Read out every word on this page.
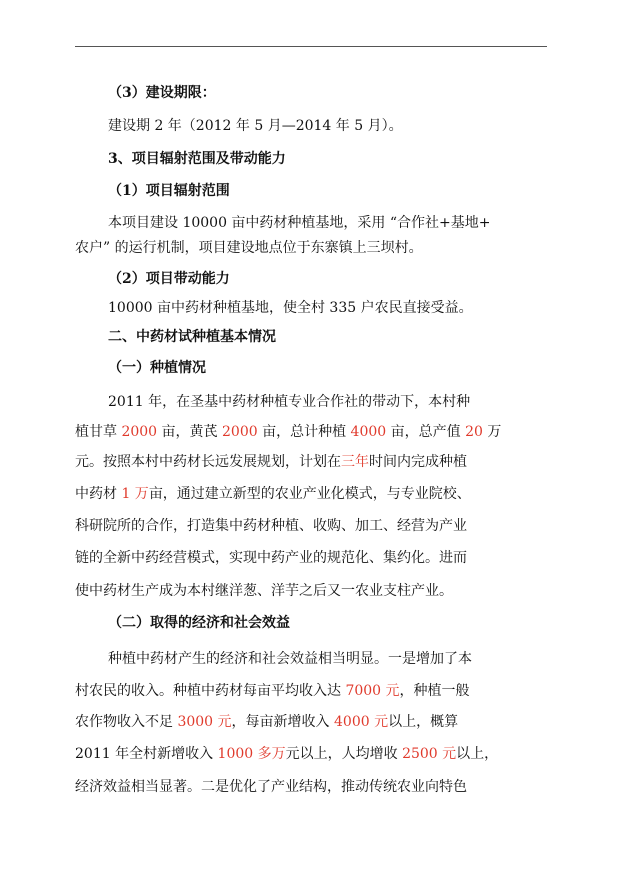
（3）建设期限：
建设期 2 年（2012 年 5 月—2014 年 5 月）。
3、项目辐射范围及带动能力
（1）项目辐射范围
本项目建设 10000 亩中药材种植基地，采用 “合作社+基地+
农户” 的运行机制，项目建设地点位于东寨镇上三坝村。
（2）项目带动能力
10000 亩中药材种植基地，使全村 335 户农民直接受益。
二、中药材试种植基本情况
（一）种植情况
2011 年，在圣基中药材种植专业合作社的带动下，本村种
植甘草 2000 亩，黄芪 2000 亩，总计种植 4000 亩，总产值 20 万
元。按照本村中药材长远发展规划，计划在三年时间内完成种植
中药材 1 万亩，通过建立新型的农业产业化模式，与专业院校、
科研院所的合作，打造集中药材种植、收购、加工、经营为产业
链的全新中药经营模式，实现中药产业的规范化、集约化。进而
使中药材生产成为本村继洋葱、洋芋之后又一农业支柱产业。
（二）取得的经济和社会效益
种植中药材产生的经济和社会效益相当明显。一是增加了本
村农民的收入。种植中药材每亩平均收入达 7000 元，种植一般
农作物收入不足 3000 元，每亩新增收入 4000 元以上，概算
2011 年全村新增收入 1000 多万元以上，人均增收 2500 元以上，
经济效益相当显著。二是优化了产业结构，推动传统农业向特色
